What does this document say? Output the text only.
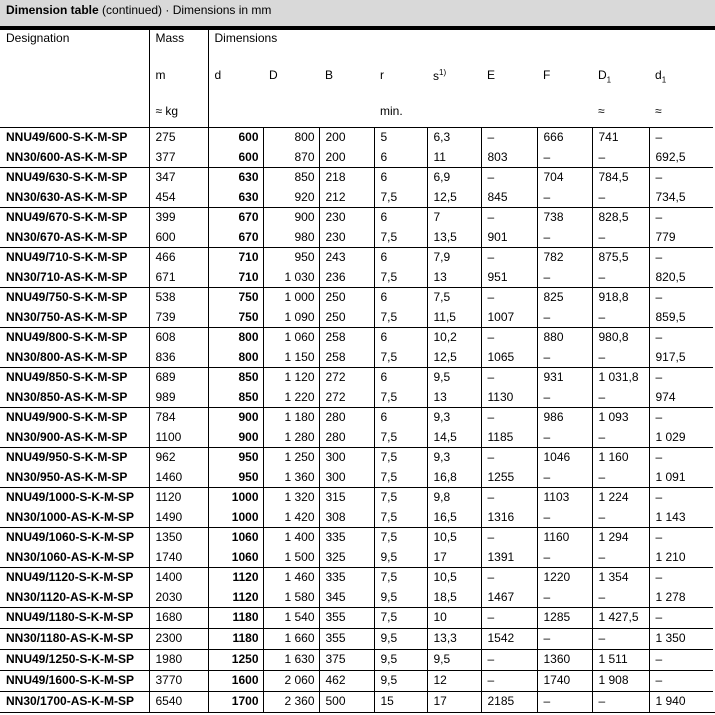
Dimension table (continued) · Dimensions in mm
Designation	Mass	Dimensions								
	m	d	D	B	r	$s^{1)}$	E	F	$D_1$	$d_1$
	≈ kg				min.				≈	≈
NNU49/600-S-K-M-SP	275	600	800	200	5	6,3	–	666	741	–
NN30/600-AS-K-M-SP	377	600	870	200	6	11	803	–	–	692,5
NNU49/630-S-K-M-SP	347	630	850	218	6	6,9	–	704	784,5	–
NN30/630-AS-K-M-SP	454	630	920	212	7,5	12,5	845	–	–	734,5
NNU49/670-S-K-M-SP	399	670	900	230	6	7	–	738	828,5	–
NN30/670-AS-K-M-SP	600	670	980	230	7,5	13,5	901	–	–	779
NNU49/710-S-K-M-SP	466	710	950	243	6	7,9	–	782	875,5	–
NN30/710-AS-K-M-SP	671	710	1 030	236	7,5	13	951	–	–	820,5
NNU49/750-S-K-M-SP	538	750	1 000	250	6	7,5	–	825	918,8	–
NN30/750-AS-K-M-SP	739	750	1 090	250	7,5	11,5	1007	–	–	859,5
NNU49/800-S-K-M-SP	608	800	1 060	258	6	10,2	–	880	980,8	–
NN30/800-AS-K-M-SP	836	800	1 150	258	7,5	12,5	1065	–	–	917,5
NNU49/850-S-K-M-SP	689	850	1 120	272	6	9,5	–	931	1 031,8	–
NN30/850-AS-K-M-SP	989	850	1 220	272	7,5	13	1130	–	–	974
NNU49/900-S-K-M-SP	784	900	1 180	280	6	9,3	–	986	1 093	–
NN30/900-AS-K-M-SP	1100	900	1 280	280	7,5	14,5	1185	–	–	1 029
NNU49/950-S-K-M-SP	962	950	1 250	300	7,5	9,3	–	1046	1 160	–
NN30/950-AS-K-M-SP	1460	950	1 360	300	7,5	16,8	1255	–	–	1 091
NNU49/1000-S-K-M-SP	1120	1000	1 320	315	7,5	9,8	–	1103	1 224	–
NN30/1000-AS-K-M-SP	1490	1000	1 420	308	7,5	16,5	1316	–	–	1 143
NNU49/1060-S-K-M-SP	1350	1060	1 400	335	7,5	10,5	–	1160	1 294	–
NN30/1060-AS-K-M-SP	1740	1060	1 500	325	9,5	17	1391	–	–	1 210
NNU49/1120-S-K-M-SP	1400	1120	1 460	335	7,5	10,5	–	1220	1 354	–
NN30/1120-AS-K-M-SP	2030	1120	1 580	345	9,5	18,5	1467	–	–	1 278
NNU49/1180-S-K-M-SP	1680	1180	1 540	355	7,5	10	–	1285	1 427,5	–
NN30/1180-AS-K-M-SP	2300	1180	1 660	355	9,5	13,3	1542	–	–	1 350
NNU49/1250-S-K-M-SP	1980	1250	1 630	375	9,5	9,5	–	1360	1 511	–
NNU49/1600-S-K-M-SP	3770	1600	2 060	462	9,5	12	–	1740	1 908	–
NN30/1700-AS-K-M-SP	6540	1700	2 360	500	15	17	2185	–	–	1 940
